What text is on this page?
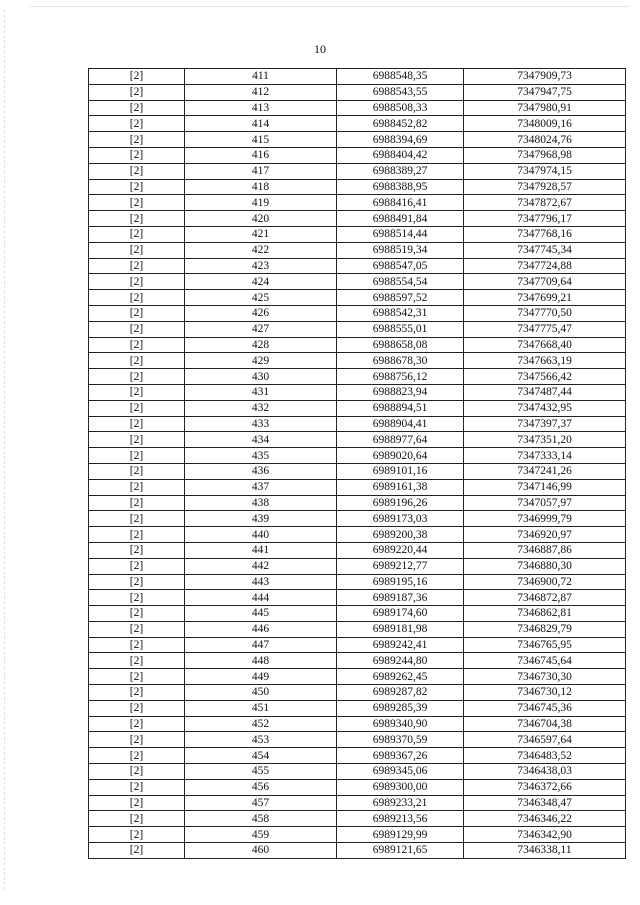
10
[2]	411	6988548,35	7347909,73
[2]	412	6988543,55	7347947,75
[2]	413	6988508,33	7347980,91
[2]	414	6988452,82	7348009,16
[2]	415	6988394,69	7348024,76
[2]	416	6988404,42	7347968,98
[2]	417	6988389,27	7347974,15
[2]	418	6988388,95	7347928,57
[2]	419	6988416,41	7347872,67
[2]	420	6988491,84	7347796,17
[2]	421	6988514,44	7347768,16
[2]	422	6988519,34	7347745,34
[2]	423	6988547,05	7347724,88
[2]	424	6988554,54	7347709,64
[2]	425	6988597,52	7347699,21
[2]	426	6988542,31	7347770,50
[2]	427	6988555,01	7347775,47
[2]	428	6988658,08	7347668,40
[2]	429	6988678,30	7347663,19
[2]	430	6988756,12	7347566,42
[2]	431	6988823,94	7347487,44
[2]	432	6988894,51	7347432,95
[2]	433	6988904,41	7347397,37
[2]	434	6988977,64	7347351,20
[2]	435	6989020,64	7347333,14
[2]	436	6989101,16	7347241,26
[2]	437	6989161,38	7347146,99
[2]	438	6989196,26	7347057,97
[2]	439	6989173,03	7346999,79
[2]	440	6989200,38	7346920,97
[2]	441	6989220,44	7346887,86
[2]	442	6989212,77	7346880,30
[2]	443	6989195,16	7346900,72
[2]	444	6989187,36	7346872,87
[2]	445	6989174,60	7346862,81
[2]	446	6989181,98	7346829,79
[2]	447	6989242,41	7346765,95
[2]	448	6989244,80	7346745,64
[2]	449	6989262,45	7346730,30
[2]	450	6989287,82	7346730,12
[2]	451	6989285,39	7346745,36
[2]	452	6989340,90	7346704,38
[2]	453	6989370,59	7346597,64
[2]	454	6989367,26	7346483,52
[2]	455	6989345,06	7346438,03
[2]	456	6989300,00	7346372,66
[2]	457	6989233,21	7346348,47
[2]	458	6989213,56	7346346,22
[2]	459	6989129,99	7346342,90
[2]	460	6989121,65	7346338,11
